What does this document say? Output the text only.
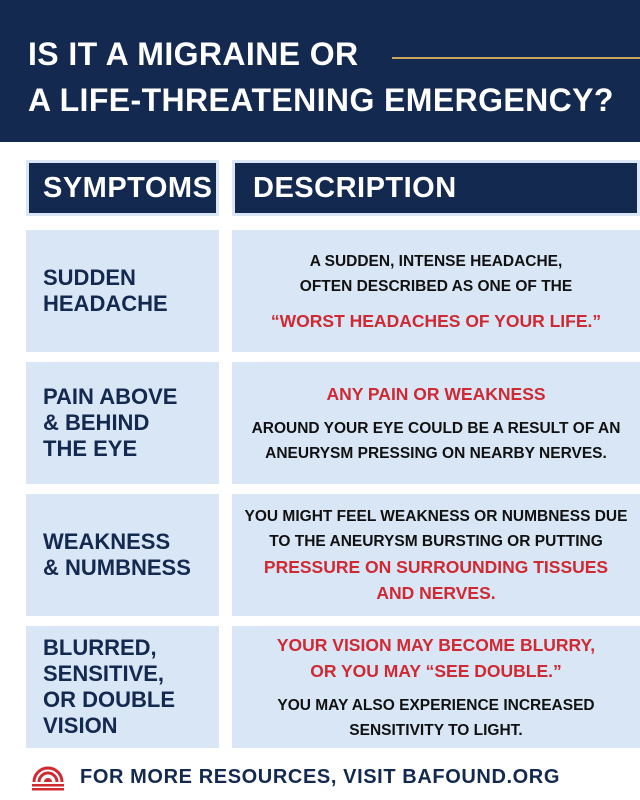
IS IT A MIGRAINE OR
A LIFE-THREATENING EMERGENCY?
SYMPTOMS	DESCRIPTION
SUDDEN
HEADACHE
A SUDDEN, INTENSE HEADACHE,
OFTEN DESCRIBED AS ONE OF THE
“WORST HEADACHES OF YOUR LIFE.”
PAIN ABOVE
& BEHIND
THE EYE
ANY PAIN OR WEAKNESS
AROUND YOUR EYE COULD BE A RESULT OF AN
ANEURYSM PRESSING ON NEARBY NERVES.
WEAKNESS
& NUMBNESS
YOU MIGHT FEEL WEAKNESS OR NUMBNESS DUE
TO THE ANEURYSM BURSTING OR PUTTING
PRESSURE ON SURROUNDING TISSUES
AND NERVES.
BLURRED,
SENSITIVE,
OR DOUBLE
VISION
YOUR VISION MAY BECOME BLURRY,
OR YOU MAY “SEE DOUBLE.”
YOU MAY ALSO EXPERIENCE INCREASED
SENSITIVITY TO LIGHT.
FOR MORE RESOURCES, VISIT BAFOUND.ORG
